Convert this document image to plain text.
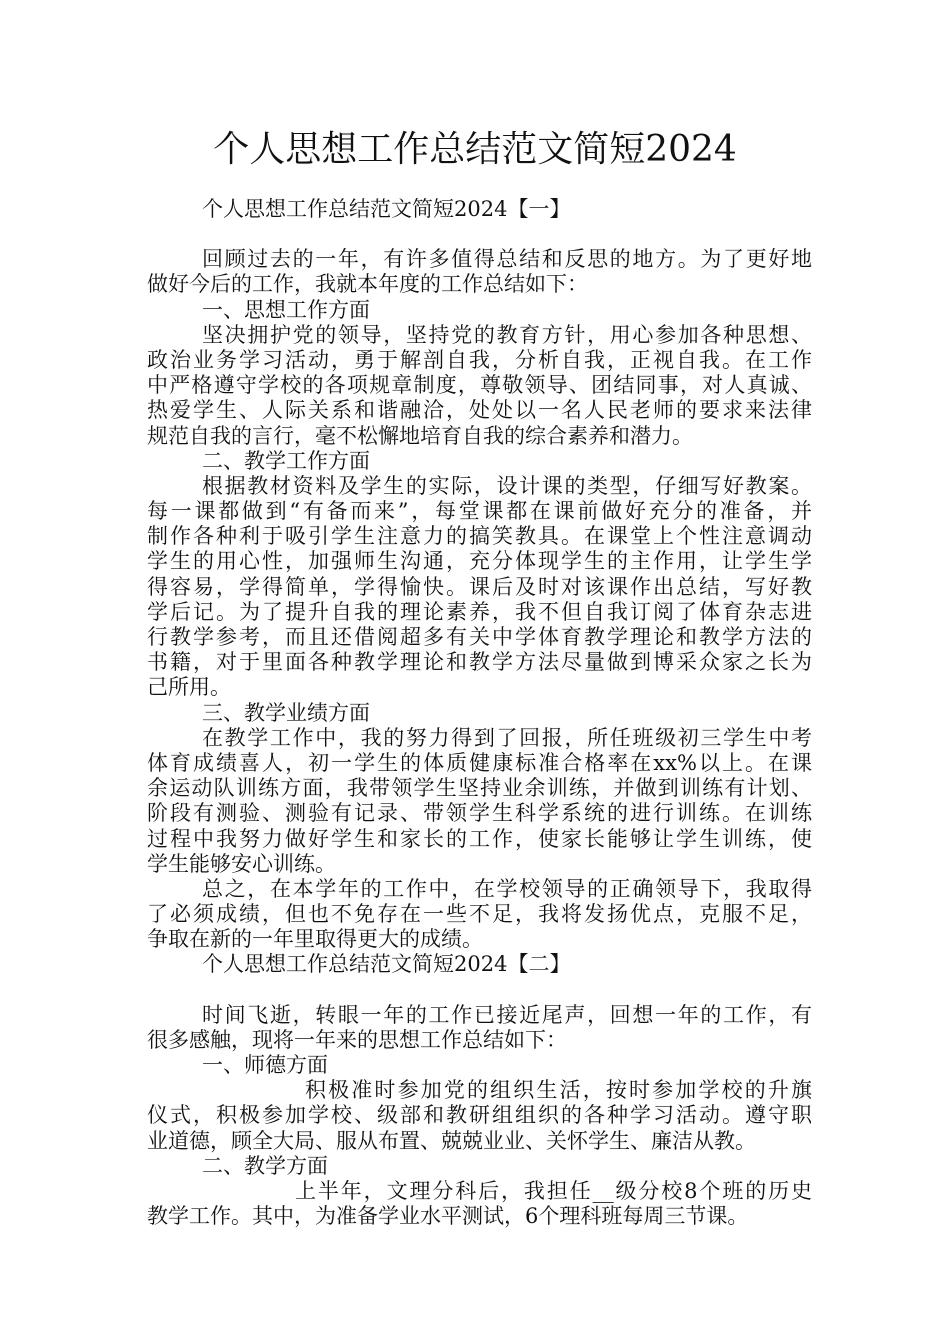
个人思想工作总结范文简短2024

个人思想工作总结范文简短2024【一】

回顾过去的一年，有许多值得总结和反思的地方。为了更好地

做好今后的工作，我就本年度的工作总结如下：

一、思想工作方面

坚决拥护党的领导，坚持党的教育方针，用心参加各种思想、

政治业务学习活动，勇于解剖自我，分析自我，正视自我。在工作

中严格遵守学校的各项规章制度，尊敬领导、团结同事，对人真诚、

热爱学生、人际关系和谐融洽，处处以一名人民老师的要求来法律

规范自我的言行，毫不松懈地培育自我的综合素养和潜力。

二、教学工作方面

根据教材资料及学生的实际，设计课的类型，仔细写好教案。

每一课都做到“有备而来”，每堂课都在课前做好充分的准备，并

制作各种利于吸引学生注意力的搞笑教具。在课堂上个性注意调动

学生的用心性，加强师生沟通，充分体现学生的主作用，让学生学

得容易，学得简单，学得愉快。课后及时对该课作出总结，写好教

学后记。为了提升自我的理论素养，我不但自我订阅了体育杂志进

行教学参考，而且还借阅超多有关中学体育教学理论和教学方法的

书籍，对于里面各种教学理论和教学方法尽量做到博采众家之长为

己所用。

三、教学业绩方面

在教学工作中，我的努力得到了回报，所任班级初三学生中考

体育成绩喜人，初一学生的体质健康标准合格率在xx%以上。在课

余运动队训练方面，我带领学生坚持业余训练，并做到训练有计划、

阶段有测验、测验有记录、带领学生科学系统的进行训练。在训练

过程中我努力做好学生和家长的工作，使家长能够让学生训练，使

学生能够安心训练。

总之，在本学年的工作中，在学校领导的正确领导下，我取得

了必须成绩，但也不免存在一些不足，我将发扬优点，克服不足，

争取在新的一年里取得更大的成绩。

个人思想工作总结范文简短2024【二】

时间飞逝，转眼一年的工作已接近尾声，回想一年的工作，有

很多感触，现将一年来的思想工作总结如下：

一、师德方面

积极准时参加党的组织生活，按时参加学校的升旗

仪式，积极参加学校、级部和教研组组织的各种学习活动。遵守职

业道德，顾全大局、服从布置、兢兢业业、关怀学生、廉洁从教。

二、教学方面

上半年，文理分科后，我担任__级分校8个班的历史

教学工作。其中，为准备学业水平测试，6个理科班每周三节课。
